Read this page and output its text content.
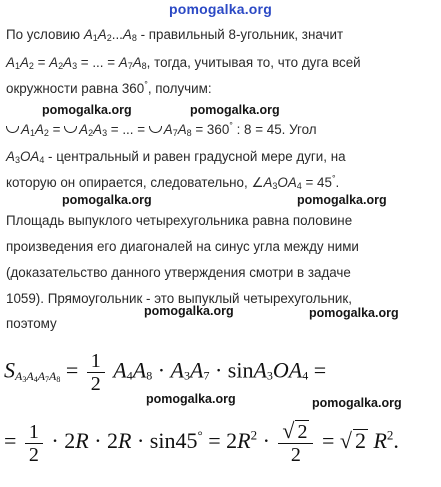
pomogalka.org
По условию $A_1A_2...A_8$ - правильный 8-угольник, значит
$A_1A_2 = A_2A_3$ = ... = $A_7A_8$, тогда, учитывая то, что дуга всей
окружности равна 360°, получим:
$A_1A_2 = A_2A_3$ = ... = $A_7A_8 = 360^\circ$ : 8 = 45. Угол
$A_3OA_4$ - центральный и равен градусной мере дуги, на
которую он опирается, следовательно, $\angle A_3OA_4 = 45^\circ$.
Площадь выпуклого четырехугольника равна половине
произведения его диагоналей на синус угла между ними
(доказательство данного утверждения смотри в задаче
1059). Прямоугольник - это выпуклый четырехугольник,
поэтому
$S_{A_3A_4A_7A_8} = \frac{1}{2} A_4A_8 \cdot A_3A_7 \cdot \sin A_3OA_4$ =
= $\frac{1}{2} \cdot 2R \cdot 2R \cdot \sin 45^\circ = 2R^2 \cdot \frac{√ 2}{2}$ = √ 2 $R^2$.
pomogalka.org	pomogalka.org
pomogalka.org	pomogalka.org
pomogalka.org	pomogalka.org
pomogalka.org	pomogalka.org
